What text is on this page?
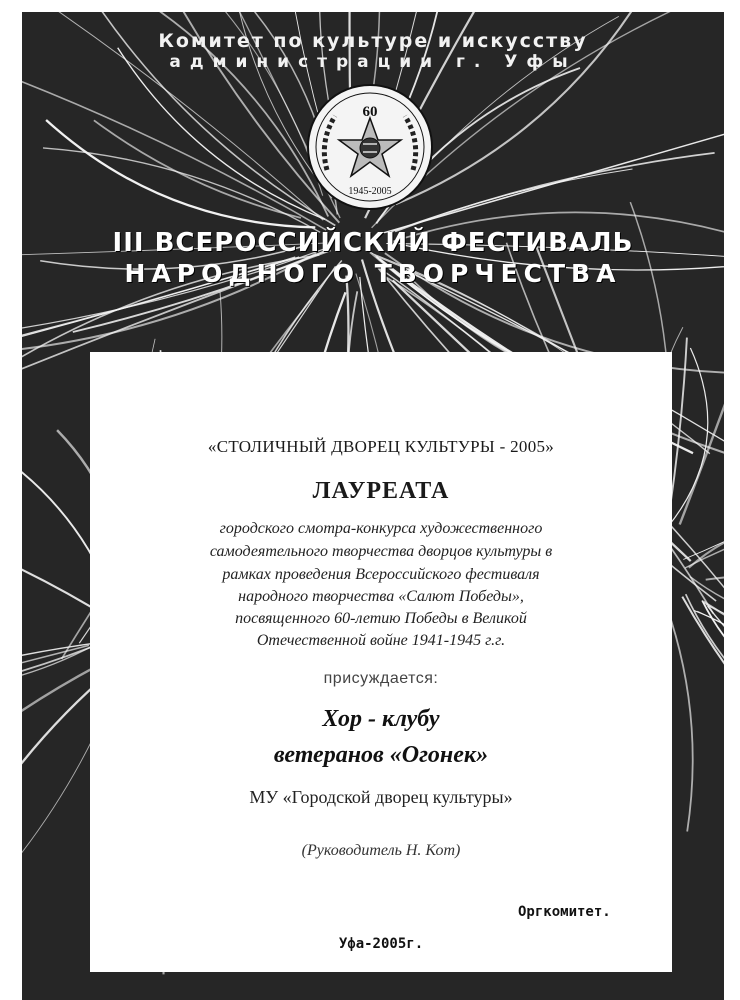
Комитет по культуре и искусству
администрации г. Уфы
60
1945-2005
III ВСЕРОССИЙСКИЙ ФЕСТИВАЛЬ
НАРОДНОГО ТВОРЧЕСТВА
«СТОЛИЧНЫЙ ДВОРЕЦ КУЛЬТУРЫ - 2005»
ЛАУРЕАТА
городского смотра-конкурса художественного
самодеятельного творчества дворцов культуры в
рамках проведения Всероссийского фестиваля
народного творчества «Салют Победы»,
посвященного 60-летию Победы в Великой
Отечественной войне 1941-1945 г.г.
присуждается:
Хор - клубу
ветеранов «Огонек»
МУ «Городской дворец культуры»
(Руководитель Н. Кот)
Оргкомитет.
Уфа-2005г.
